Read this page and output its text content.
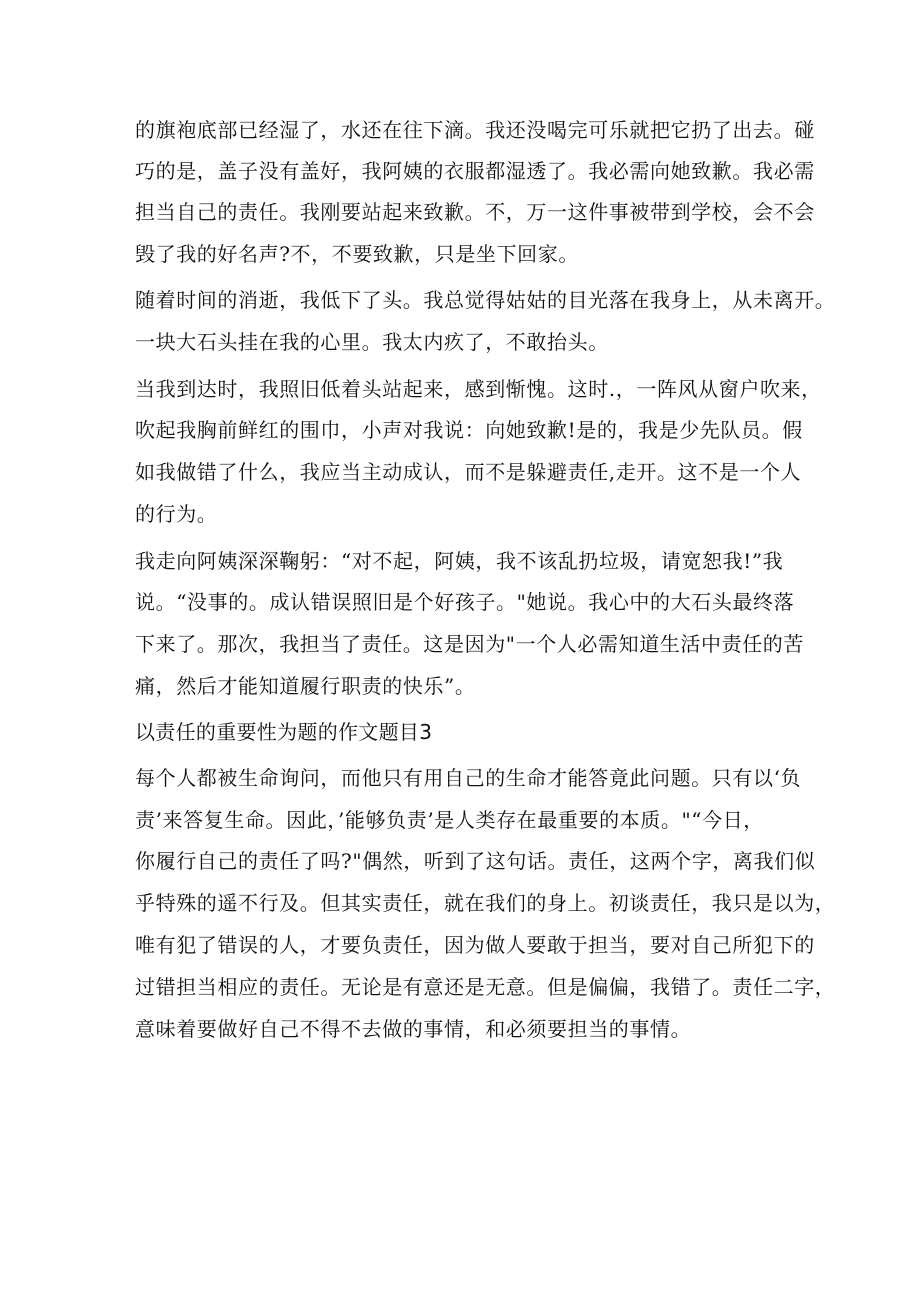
的旗袍底部已经湿了，水还在往下滴。我还没喝完可乐就把它扔了出去。碰
巧的是，盖子没有盖好，我阿姨的衣服都湿透了。我必需向她致歉。我必需
担当自己的责任。我刚要站起来致歉。不，万一这件事被带到学校，会不会
毁了我的好名声?不，不要致歉，只是坐下回家。
随着时间的消逝，我低下了头。我总觉得姑姑的目光落在我身上，从未离开。
一块大石头挂在我的心里。我太内疚了，不敢抬头。
当我到达时，我照旧低着头站起来，感到惭愧。这时.，一阵风从窗户吹来，
吹起我胸前鲜红的围巾，小声对我说：向她致歉!是的，我是少先队员。假
如我做错了什么，我应当主动成认，而不是躲避责任,走开。这不是一个人
的行为。
我走向阿姨深深鞠躬：“对不起，阿姨，我不该乱扔垃圾，请宽恕我!”我
说。“没事的。成认错误照旧是个好孩子。"她说。我心中的大石头最终落
下来了。那次，我担当了责任。这是因为"一个人必需知道生活中责任的苦
痛，然后才能知道履行职责的快乐”。
以责任的重要性为题的作文题目3
每个人都被生命询问，而他只有用自己的生命才能答竟此问题。只有以‘负
责’来答复生命。因此，’能够负责’是人类存在最重要的本质。"“今日，
你履行自己的责任了吗?"偶然，听到了这句话。责任，这两个字，离我们似
乎特殊的遥不行及。但其实责任，就在我们的身上。初谈责任，我只是以为，
唯有犯了错误的人，才要负责任，因为做人要敢于担当，要对自己所犯下的
过错担当相应的责任。无论是有意还是无意。但是偏偏，我错了。责任二字，
意味着要做好自己不得不去做的事情，和必须要担当的事情。
